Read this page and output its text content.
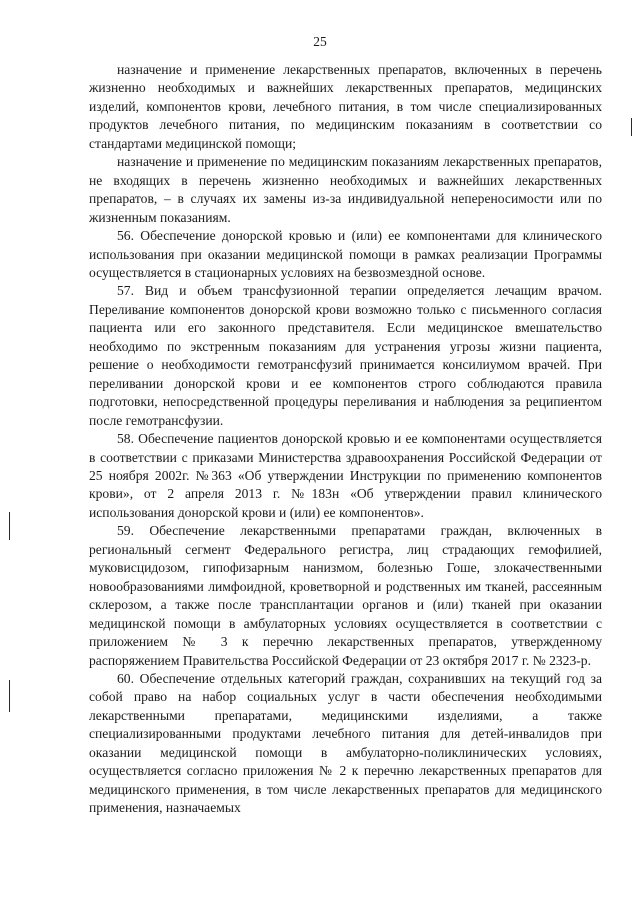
25

назначение и применение лекарственных препаратов, включенных в перечень жизненно необходимых и важнейших лекарственных препаратов, медицинских изделий, компонентов крови, лечебного питания, в том числе специализированных продуктов лечебного питания, по медицинским показаниям в соответствии со стандартами медицинской помощи;

назначение и применение по медицинским показаниям лекарственных препаратов, не входящих в перечень жизненно необходимых и важнейших лекарственных препаратов, – в случаях их замены из-за индивидуальной непереносимости или по жизненным показаниям.

56. Обеспечение донорской кровью и (или) ее компонентами для клинического использования при оказании медицинской помощи в рамках реализации Программы осуществляется в стационарных условиях на безвозмездной основе.

57. Вид и объем трансфузионной терапии определяется лечащим врачом. Переливание компонентов донорской крови возможно только с письменного согласия пациента или его законного представителя. Если медицинское вмешательство необходимо по экстренным показаниям для устранения угрозы жизни пациента, решение о необходимости гемотрансфузий принимается консилиумом врачей. При переливании донорской крови и ее компонентов строго соблюдаются правила подготовки, непосредственной процедуры переливания и наблюдения за реципиентом после гемотрансфузии.

58. Обеспечение пациентов донорской кровью и ее компонентами осуществляется в соответствии с приказами Министерства здравоохранения Российской Федерации от 25 ноября 2002г. №363 «Об утверждении Инструкции по применению компонентов крови», от 2 апреля 2013 г. №183н «Об утверждении правил клинического использования донорской крови и (или) ее компонентов».

59. Обеспечение лекарственными препаратами граждан, включенных в региональный сегмент Федерального регистра, лиц страдающих гемофилией, муковисцидозом, гипофизарным нанизмом, болезнью Гоше, злокачественными новообразованиями лимфоидной, кроветворной и родственных им тканей, рассеянным склерозом, а также после трансплантации органов и (или) тканей при оказании медицинской помощи в амбулаторных условиях осуществляется в соответствии с приложением № 3 к перечню лекарственных препаратов, утвержденному распоряжением Правительства Российской Федерации от 23 октября 2017 г. № 2323-р.

60. Обеспечение отдельных категорий граждан, сохранивших на текущий год за собой право на набор социальных услуг в части обеспечения необходимыми лекарственными препаратами, медицинскими изделиями, а также специализированными продуктами лечебного питания для детей-инвалидов при оказании медицинской помощи в амбулаторно-поликлинических условиях, осуществляется согласно приложения № 2 к перечню лекарственных препаратов для медицинского применения, в том числе лекарственных препаратов для медицинского применения, назначаемых
